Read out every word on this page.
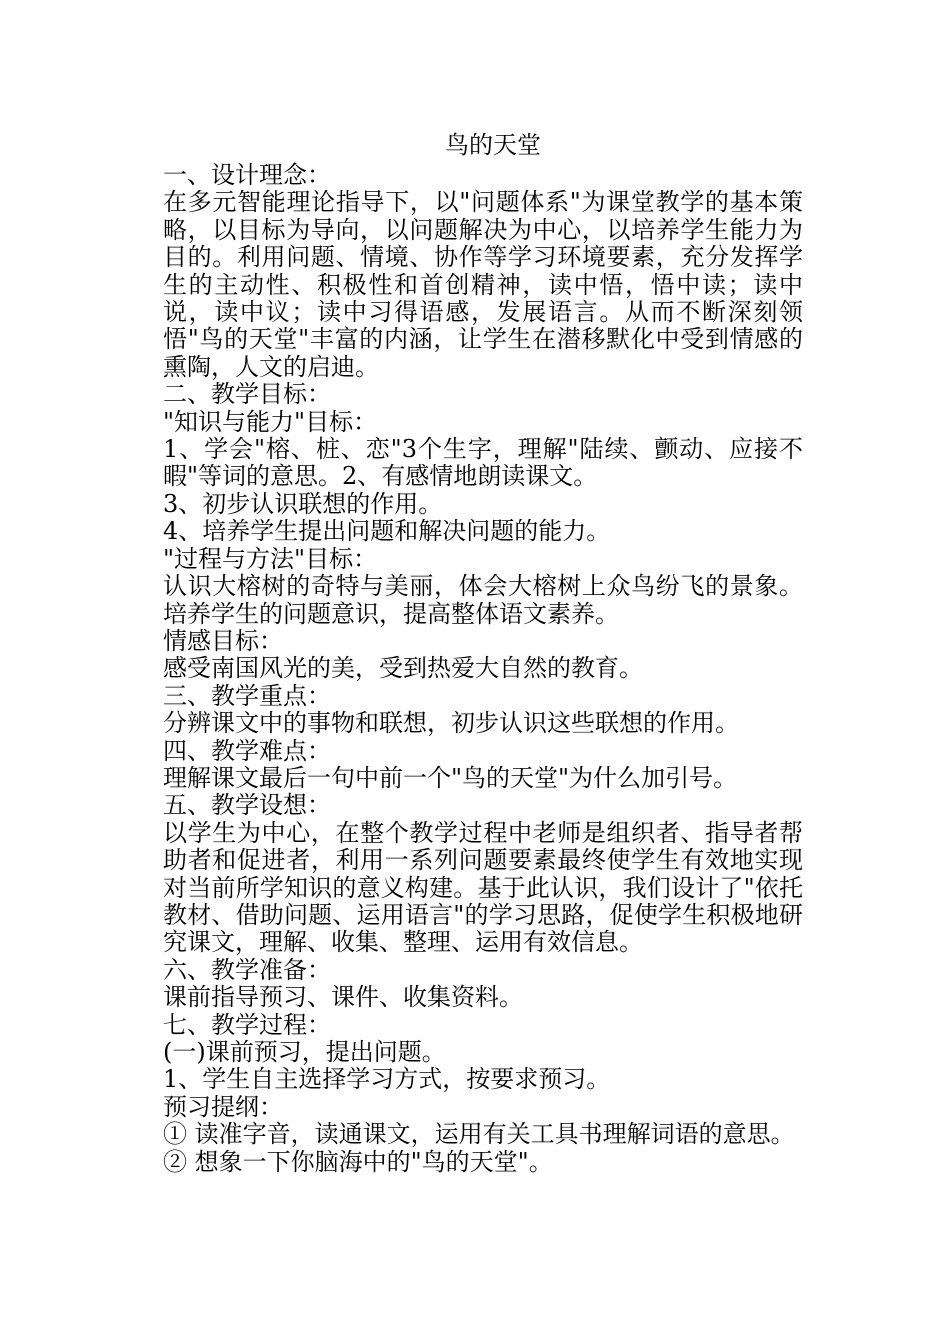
鸟的天堂

一、设计理念：

在多元智能理论指导下，以"问题体系"为课堂教学的基本策略，以目标为导向，以问题解决为中心，以培养学生能力为目的。利用问题、情境、协作等学习环境要素，充分发挥学生的主动性、积极性和首创精神，读中悟，悟中读；读中说，读中议；读中习得语感，发展语言。从而不断深刻领悟"鸟的天堂"丰富的内涵，让学生在潜移默化中受到情感的熏陶，人文的启迪。

二、教学目标：

"知识与能力"目标：

1、学会"榕、桩、恋"3个生字，理解"陆续、颤动、应接不暇"等词的意思。2、有感情地朗读课文。

3、初步认识联想的作用。

4、培养学生提出问题和解决问题的能力。

"过程与方法"目标：

认识大榕树的奇特与美丽，体会大榕树上众鸟纷飞的景象。培养学生的问题意识，提高整体语文素养。

情感目标：

感受南国风光的美，受到热爱大自然的教育。

三、教学重点：

分辨课文中的事物和联想，初步认识这些联想的作用。

四、教学难点：

理解课文最后一句中前一个"鸟的天堂"为什么加引号。

五、教学设想：

以学生为中心，在整个教学过程中老师是组织者、指导者帮助者和促进者，利用一系列问题要素最终使学生有效地实现对当前所学知识的意义构建。基于此认识，我们设计了"依托教材、借助问题、运用语言"的学习思路，促使学生积极地研究课文，理解、收集、整理、运用有效信息。

六、教学准备：

课前指导预习、课件、收集资料。

七、教学过程：

(一)课前预习，提出问题。

1、学生自主选择学习方式，按要求预习。

预习提纲：

① 读准字音，读通课文，运用有关工具书理解词语的意思。

② 想象一下你脑海中的"鸟的天堂"。
